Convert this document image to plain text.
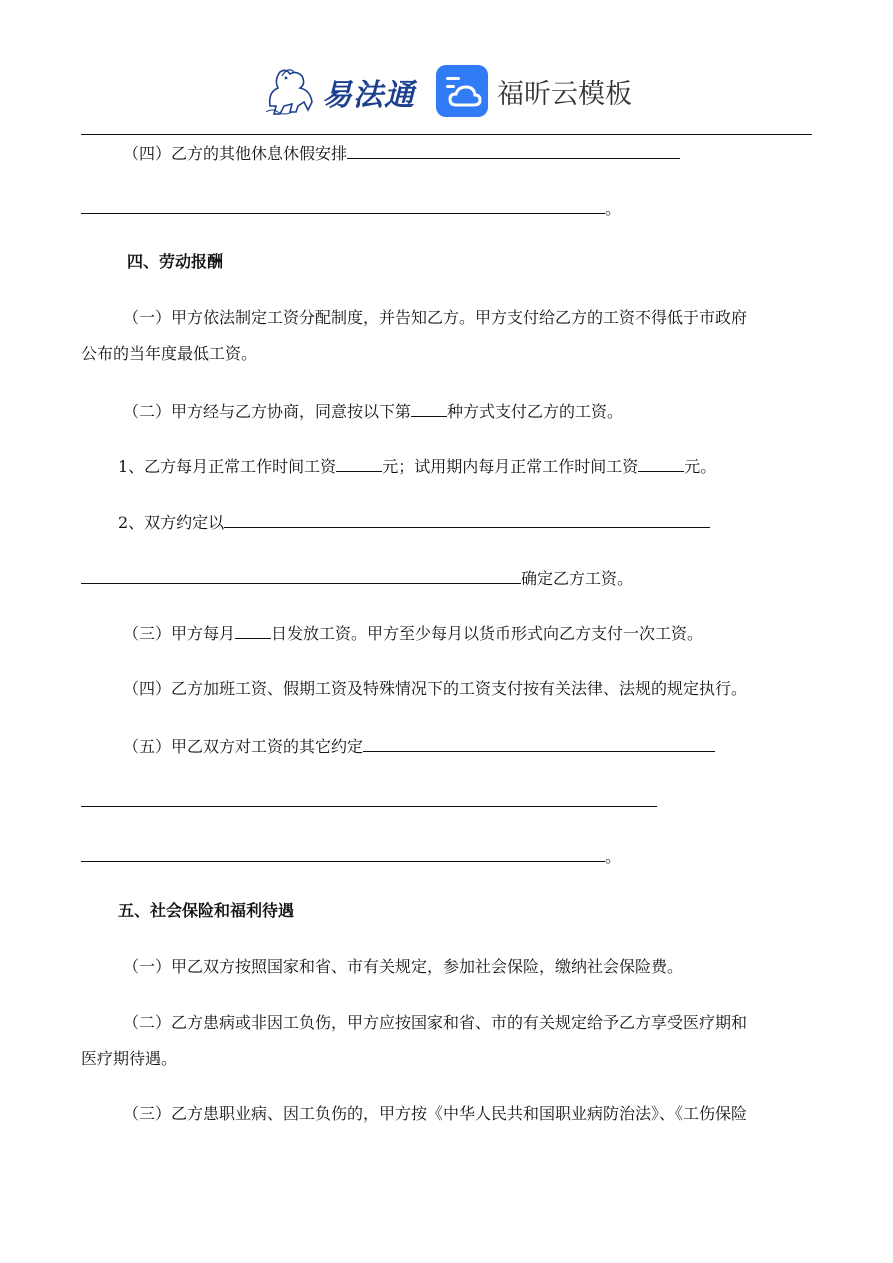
易法通	福昕云模板
（四）乙方的其他休息休假安排
。
四、劳动报酬
（一）甲方依法制定工资分配制度，并告知乙方。甲方支付给乙方的工资不得低于市政府
公布的当年度最低工资。
（二）甲方经与乙方协商，同意按以下第 种方式支付乙方的工资。
1、乙方每月正常工作时间工资	元；试用期内每月正常工作时间工资	元。
2、双方约定以
确定乙方工资。
（三）甲方每月 日发放工资。甲方至少每月以货币形式向乙方支付一次工资。
（四）乙方加班工资、假期工资及特殊情况下的工资支付按有关法律、法规的规定执行。
（五）甲乙双方对工资的其它约定
。
五、社会保险和福利待遇
（一）甲乙双方按照国家和省、市有关规定，参加社会保险，缴纳社会保险费。
（二）乙方患病或非因工负伤，甲方应按国家和省、市的有关规定给予乙方享受医疗期和
医疗期待遇。
（三）乙方患职业病、因工负伤的，甲方按《中华人民共和国职业病防治法》、《工伤保险
